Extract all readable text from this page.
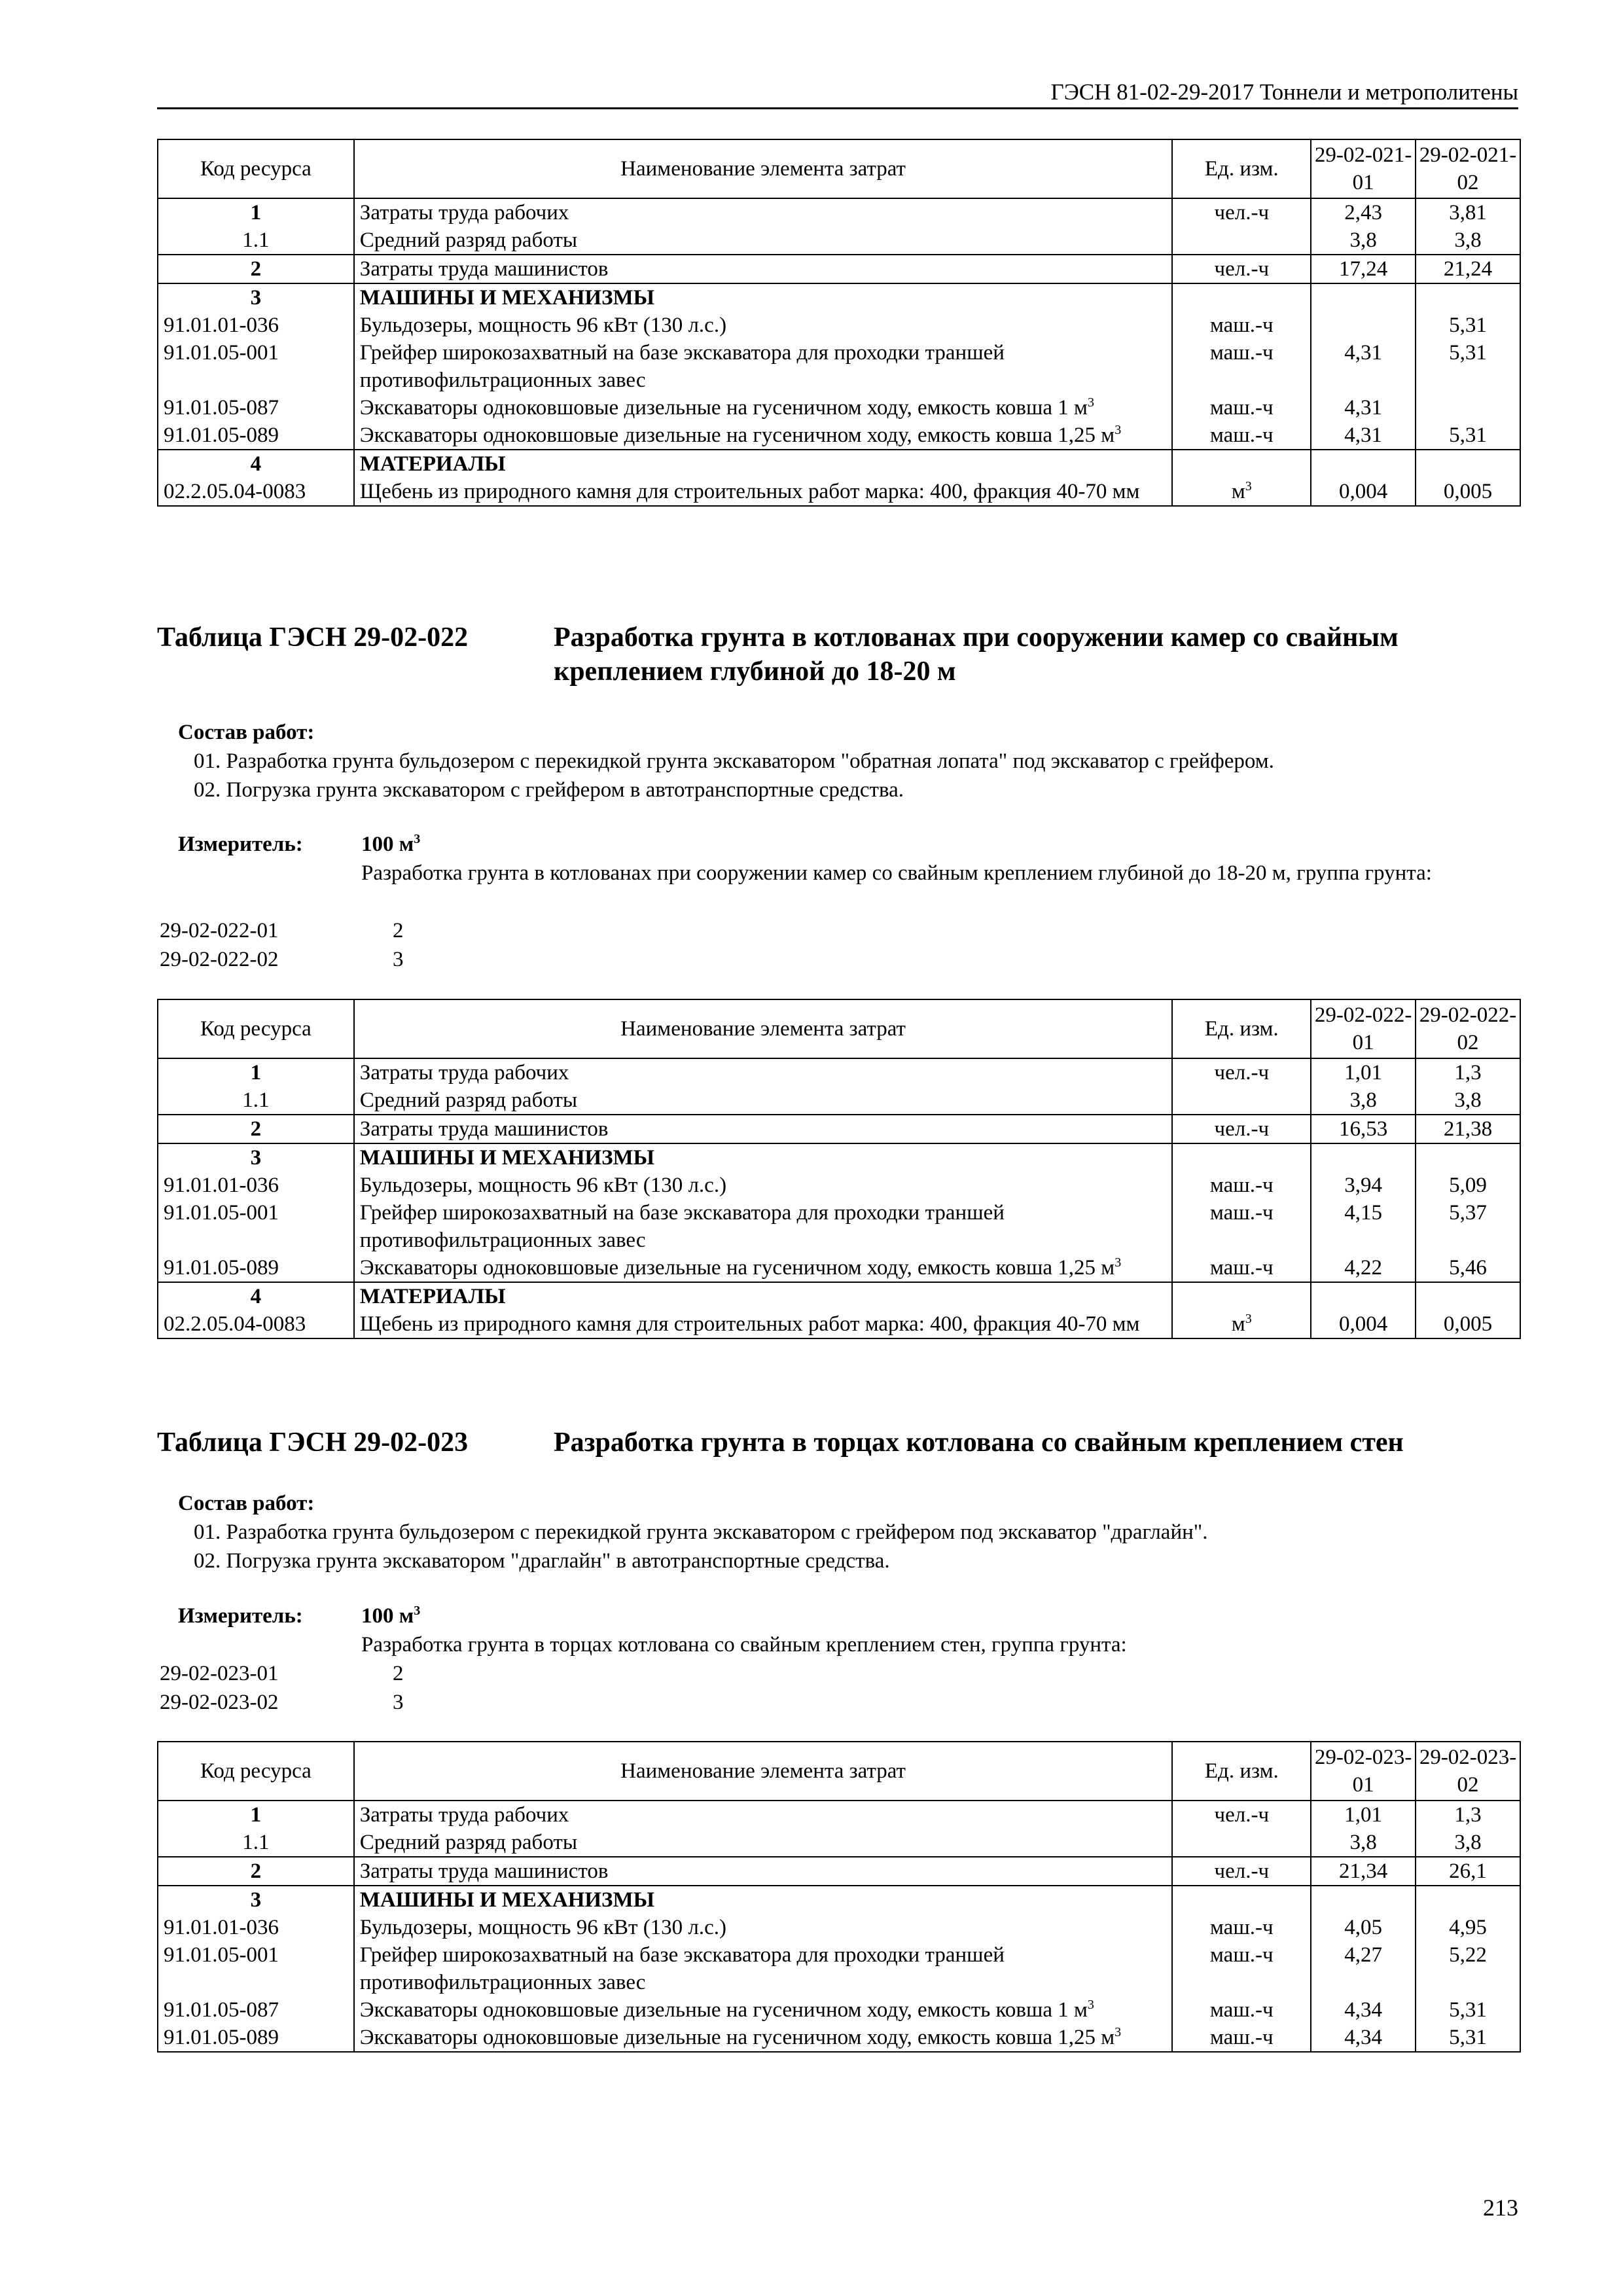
ГЭСН 81-02-29-2017 Тоннели и метрополитены
Код ресурса	Наименование элемента затрат	Ед. изм.	29-02-021-01	29-02-021-02
1	Затраты труда рабочих	чел.-ч	2,43	3,81
1.1	Средний разряд работы		3,8	3,8
2	Затраты труда машинистов	чел.-ч	17,24	21,24
3	МАШИНЫ И МЕХАНИЗМЫ			
91.01.01-036	Бульдозеры, мощность 96 кВт (130 л.с.)	маш.-ч		5,31
91.01.05-001	Грейфер широкозахватный на базе экскаватора для проходки траншей противофильтрационных завес	маш.-ч	4,31	5,31
91.01.05-087	Экскаваторы одноковшовые дизельные на гусеничном ходу, емкость ковша 1 $м^3$	маш.-ч	4,31	
91.01.05-089	Экскаваторы одноковшовые дизельные на гусеничном ходу, емкость ковша 1,25 $м^3$	маш.-ч	4,31	5,31
4	МАТЕРИАЛЫ			
02.2.05.04-0083	Щебень из природного камня для строительных работ марка: 400, фракция 40-70 мм	$м^3$	0,004	0,005
Таблица ГЭСН 29-02-022	Разработка грунта в котлованах при сооружении камер со свайным креплением глубиной до 18-20 м
Состав работ:
01. Разработка грунта бульдозером с перекидкой грунта экскаватором "обратная лопата" под экскаватор с грейфером.
02. Погрузка грунта экскаватором с грейфером в автотранспортные средства.
Измеритель:	100 $м^3$
Разработка грунта в котлованах при сооружении камер со свайным креплением глубиной до 18-20 м, группа грунта:
29-02-022-01	2
29-02-022-02	3
Код ресурса	Наименование элемента затрат	Ед. изм.	29-02-022-01	29-02-022-02
1	Затраты труда рабочих	чел.-ч	1,01	1,3
1.1	Средний разряд работы		3,8	3,8
2	Затраты труда машинистов	чел.-ч	16,53	21,38
3	МАШИНЫ И МЕХАНИЗМЫ			
91.01.01-036	Бульдозеры, мощность 96 кВт (130 л.с.)	маш.-ч	3,94	5,09
91.01.05-001	Грейфер широкозахватный на базе экскаватора для проходки траншей противофильтрационных завес	маш.-ч	4,15	5,37
91.01.05-089	Экскаваторы одноковшовые дизельные на гусеничном ходу, емкость ковша 1,25 $м^3$	маш.-ч	4,22	5,46
4	МАТЕРИАЛЫ			
02.2.05.04-0083	Щебень из природного камня для строительных работ марка: 400, фракция 40-70 мм	$м^3$	0,004	0,005
Таблица ГЭСН 29-02-023	Разработка грунта в торцах котлована со свайным креплением стен
Состав работ:
01. Разработка грунта бульдозером с перекидкой грунта экскаватором с грейфером под экскаватор "драглайн".
02. Погрузка грунта экскаватором "драглайн" в автотранспортные средства.
Измеритель:	100 $м^3$
Разработка грунта в торцах котлована со свайным креплением стен, группа грунта:
29-02-023-01	2
29-02-023-02	3
Код ресурса	Наименование элемента затрат	Ед. изм.	29-02-023-01	29-02-023-02
1	Затраты труда рабочих	чел.-ч	1,01	1,3
1.1	Средний разряд работы		3,8	3,8
2	Затраты труда машинистов	чел.-ч	21,34	26,1
3	МАШИНЫ И МЕХАНИЗМЫ			
91.01.01-036	Бульдозеры, мощность 96 кВт (130 л.с.)	маш.-ч	4,05	4,95
91.01.05-001	Грейфер широкозахватный на базе экскаватора для проходки траншей противофильтрационных завес	маш.-ч	4,27	5,22
91.01.05-087	Экскаваторы одноковшовые дизельные на гусеничном ходу, емкость ковша 1 $м^3$	маш.-ч	4,34	5,31
91.01.05-089	Экскаваторы одноковшовые дизельные на гусеничном ходу, емкость ковша 1,25 $м^3$	маш.-ч	4,34	5,31
213
